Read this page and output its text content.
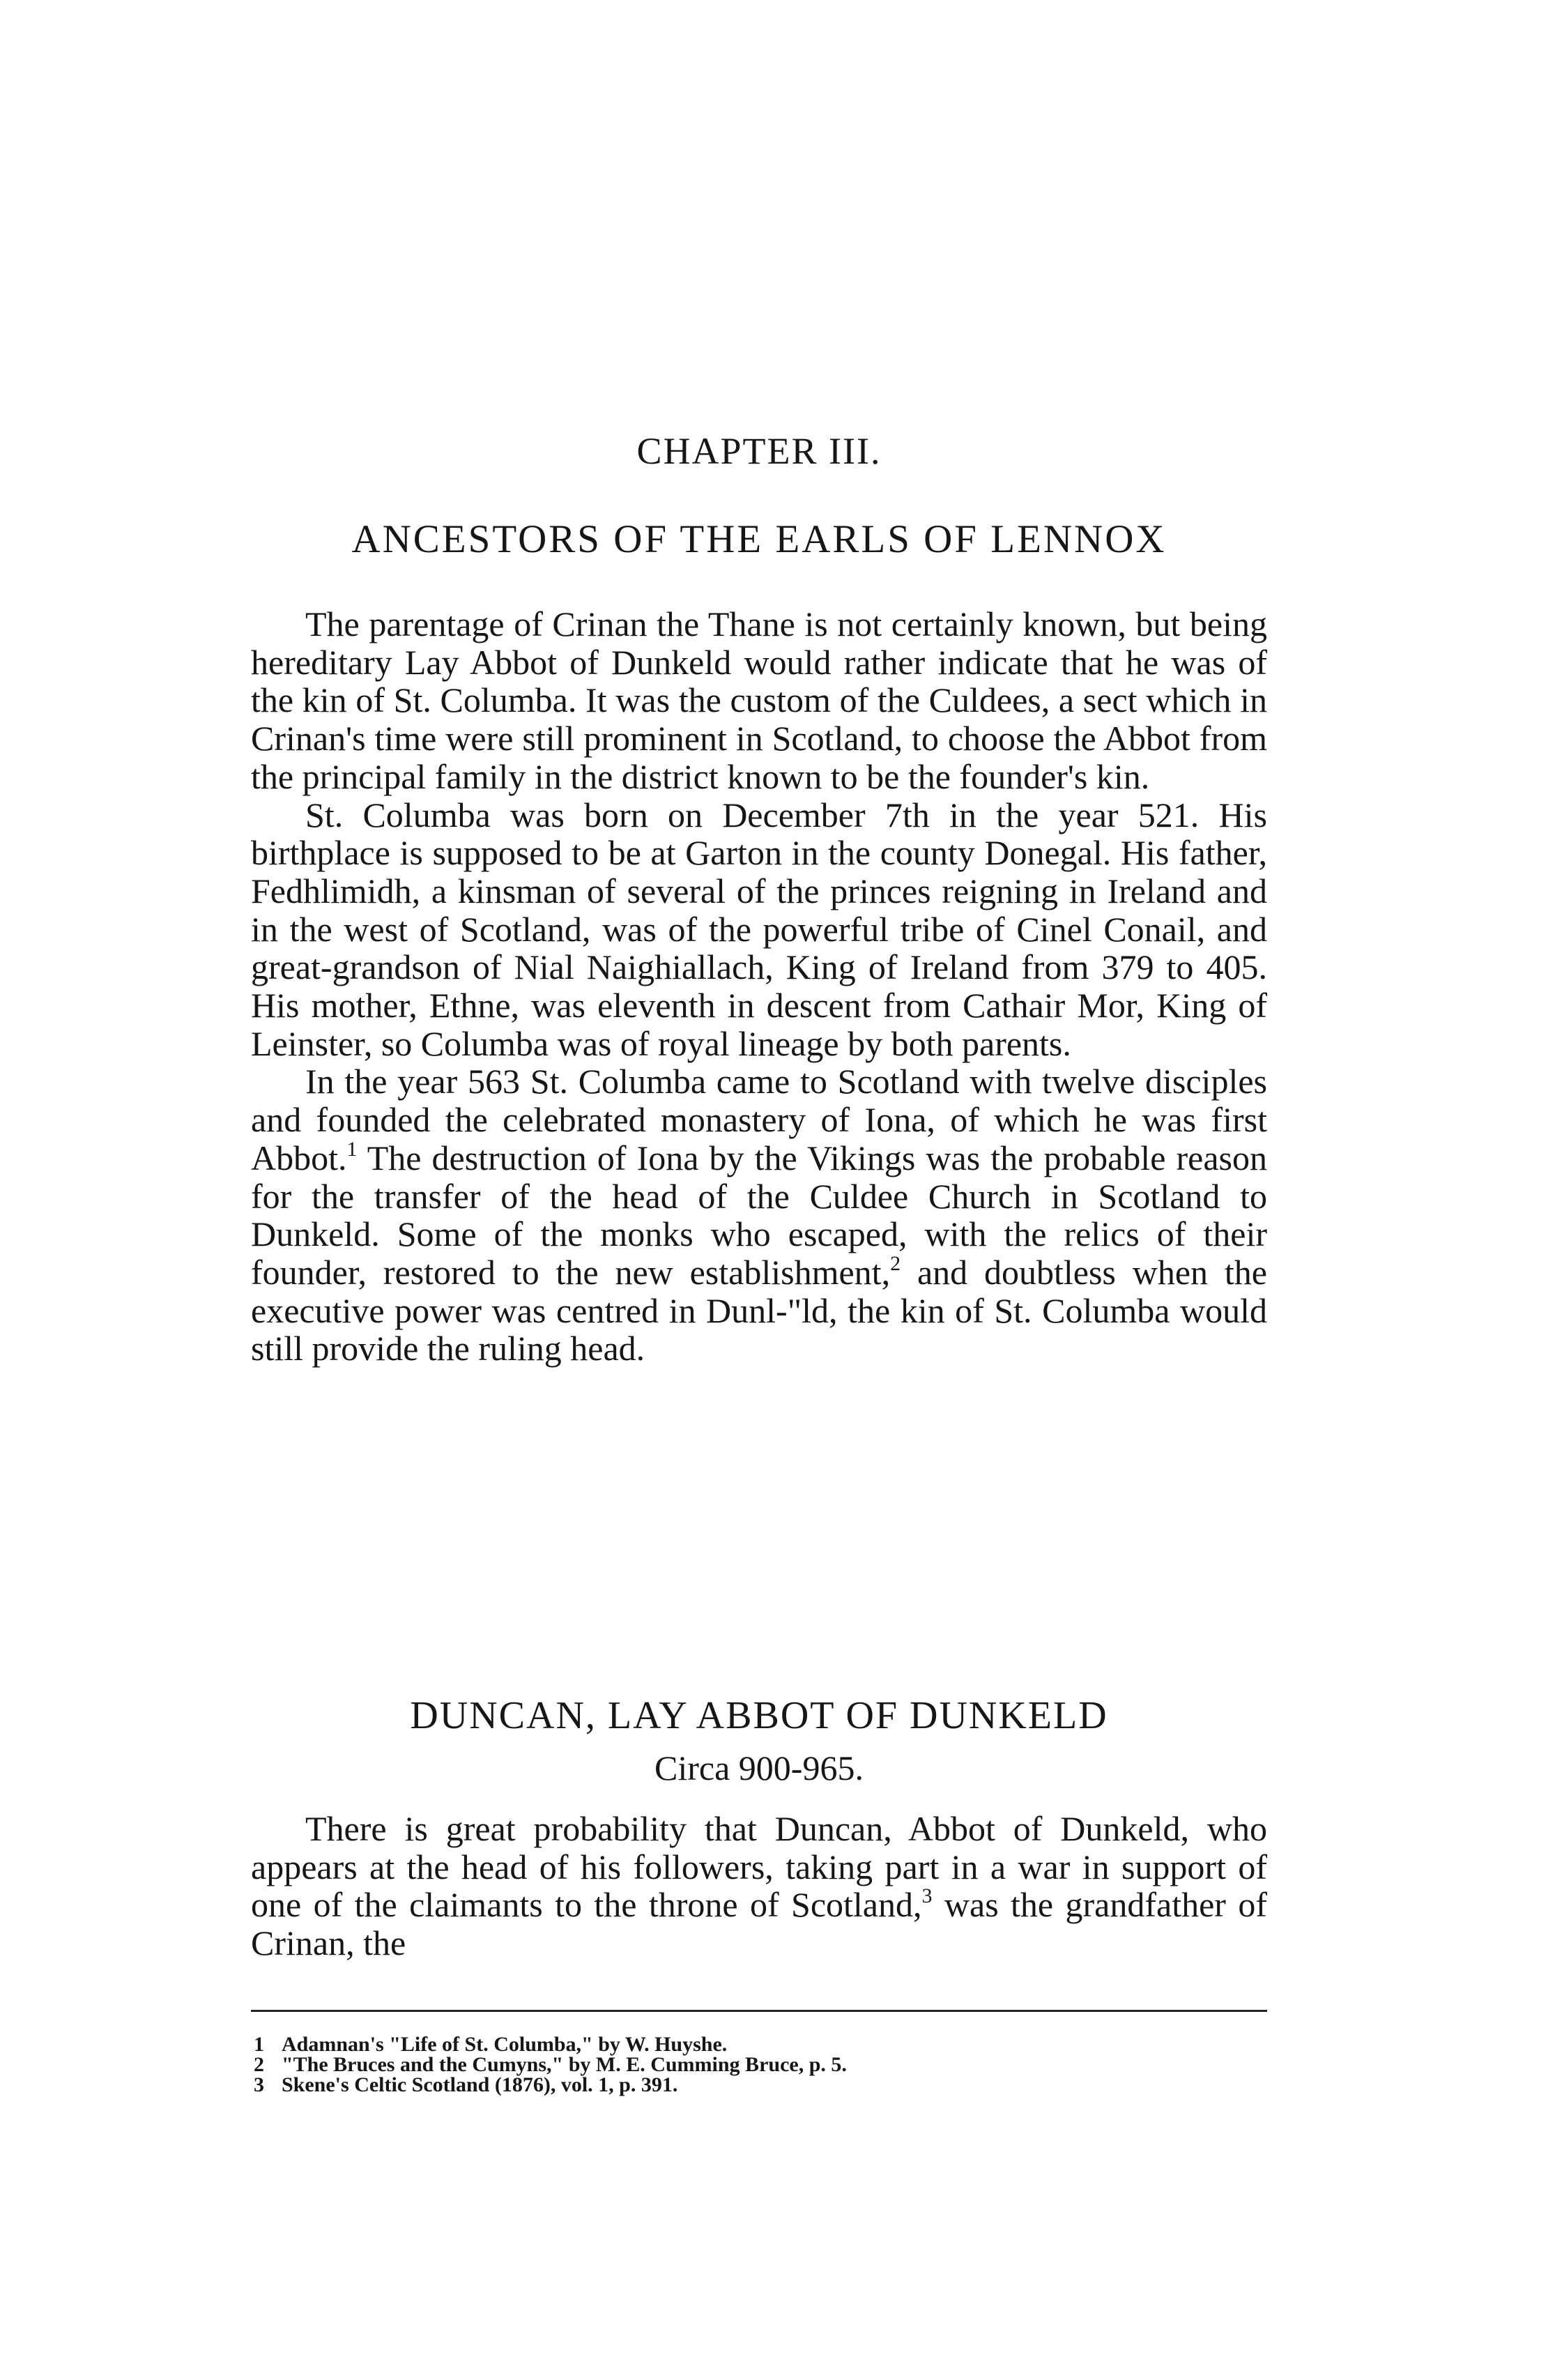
CHAPTER III.
ANCESTORS OF THE EARLS OF LENNOX

The parentage of Crinan the Thane is not certainly known, but being hereditary Lay Abbot of Dunkeld would rather indicate that he was of the kin of St. Columba. It was the custom of the Culdees, a sect which in Crinan's time were still prominent in Scotland, to choose the Abbot from the principal family in the district known to be the founder's kin.

St. Columba was born on December 7th in the year 521. His birthplace is supposed to be at Garton in the county Donegal. His father, Fedhlimidh, a kinsman of several of the princes reigning in Ireland and in the west of Scotland, was of the powerful tribe of Cinel Conail, and great-grandson of Nial Naighiallach, King of Ireland from 379 to 405. His mother, Ethne, was eleventh in descent from Cathair Mor, King of Leinster, so Columba was of royal lineage by both parents.

In the year 563 St. Columba came to Scotland with twelve disciples and founded the celebrated monastery of Iona, of which he was first Abbot.$^1$ The destruction of Iona by the Vikings was the probable reason for the transfer of the head of the Culdee Church in Scotland to Dunkeld. Some of the monks who escaped, with the relics of their founder, restored to the new establishment,$^2$ and doubtless when the executive power was centred in Dunl-"ld, the kin of St. Columba would still provide the ruling head.

DUNCAN, LAY ABBOT OF DUNKELD
Circa 900-965.

There is great probability that Duncan, Abbot of Dunkeld, who appears at the head of his followers, taking part in a war in support of one of the claimants to the throne of Scotland,$^3$ was the grandfather of Crinan, the

1 Adamnan's "Life of St. Columba," by W. Huyshe.
2 "The Bruces and the Cumyns," by M. E. Cumming Bruce, p. 5.
3 Skene's Celtic Scotland (1876), vol. 1, p. 391.
